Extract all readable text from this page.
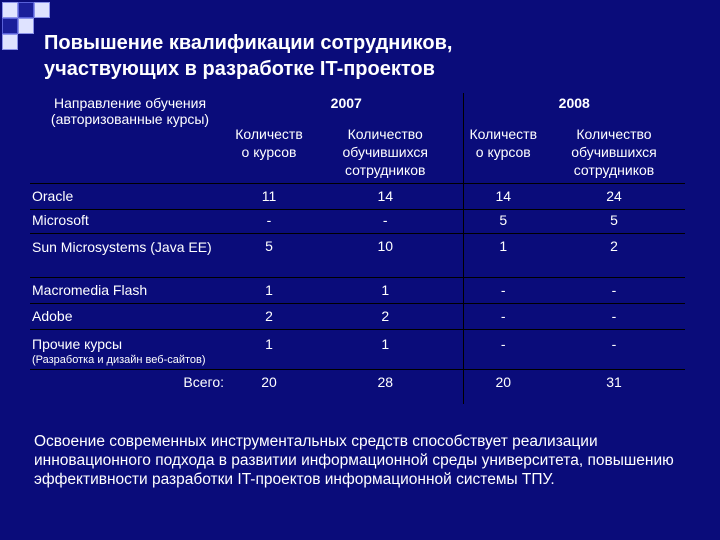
Повышение квалификации сотрудников,
участвующих в разработке IT-проектов
Направление обучения (авторизованные курсы)	2007		2008	
	Количеств о курсов	Количество обучившихся сотрудников	Количеств о курсов	Количество обучившихся сотрудников
Oracle	11	14	14	24
Microsoft	-	-	5	5
Sun Microsystems (Java EE)	5	10	1	2
Macromedia Flash	1	1	-	-
Adobe	2	2	-	-

Прочие курсы
(Разработка и дизайн веб-сайтов)	1	1	-	-
Всего:	20	28	20	31
Освоение современных инструментальных средств способствует реализации инновационного подхода в развитии информационной среды университета, повышению эффективности разработки IT-проектов информационной системы ТПУ.
